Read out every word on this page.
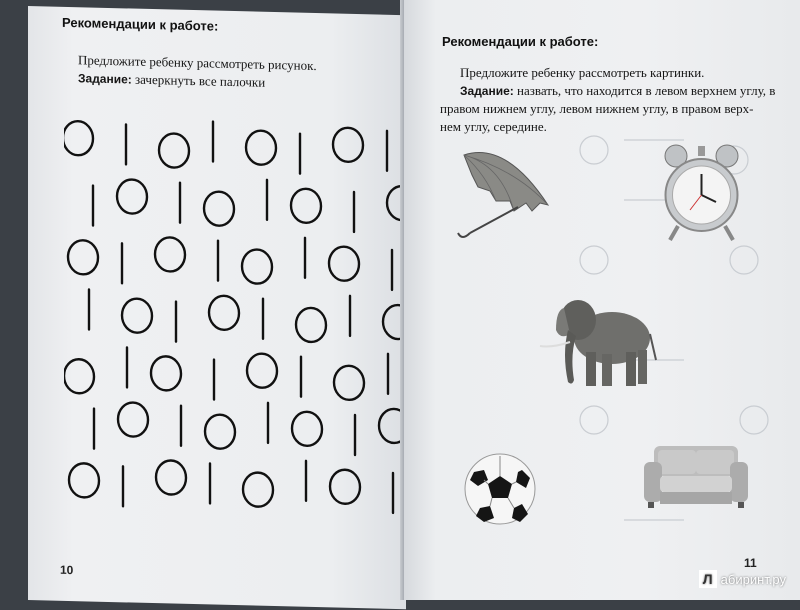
Рекомендации к работе:
Предложите ребенку рассмотреть рисунок.
Задание: зачеркнуть все палочки
10
Рекомендации к работе:
Предложите ребенку рассмотреть картинки.
Задание: назвать, что находится в левом верхнем углу, в
правом нижнем углу, левом нижнем углу, в правом верх-
нем углу, середине.
11
Л абиринт.ру
